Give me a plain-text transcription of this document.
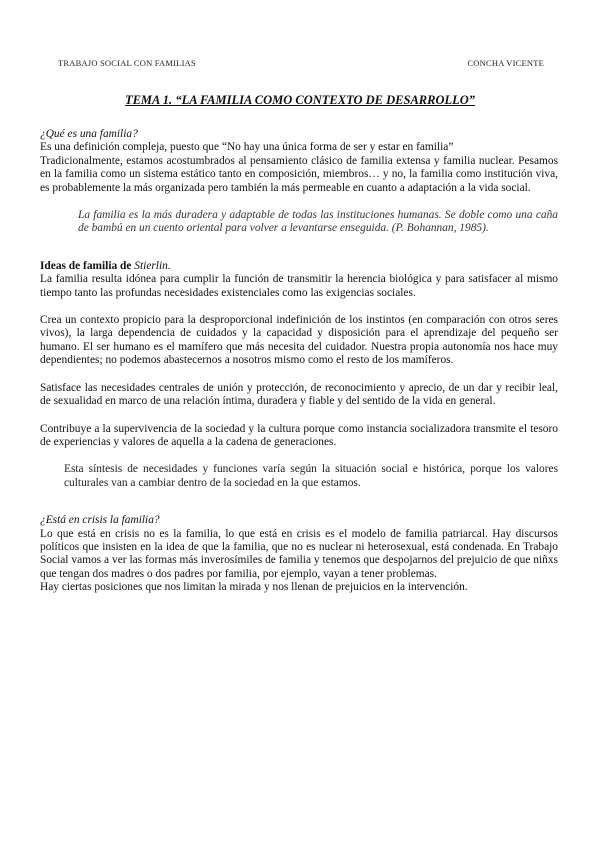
TRABAJO SOCIAL CON FAMILIAS	CONCHA VICENTE
TEMA 1. “LA FAMILIA COMO CONTEXTO DE DESARROLLO”

¿Qué es una familia?

Es una definición compleja, puesto que “No hay una única forma de ser y estar en familia”

Tradicionalmente, estamos acostumbrados al pensamiento clásico de familia extensa y familia nuclear. Pesamos en la familia como un sistema estático tanto en composición, miembros… y no, la familia como institución viva, es probablemente la más organizada pero también la más permeable en cuanto a adaptación a la vida social.

La familia es la más duradera y adaptable de todas las instituciones humanas. Se doble como una caña de bambú en un cuento oriental para volver a levantarse enseguida. (P. Bohannan, 1985).

Ideas de familia de Stierlin.

La familia resulta idónea para cumplir la función de transmitir la herencia biológica y para satisfacer al mismo tiempo tanto las profundas necesidades existenciales como las exigencias sociales.

Crea un contexto propicio para la desproporcional indefinición de los instintos (en comparación con otros seres vivos), la larga dependencia de cuidados y la capacidad y disposición para el aprendizaje del pequeño ser humano. El ser humano es el mamífero que más necesita del cuidador. Nuestra propia autonomía nos hace muy dependientes; no podemos abastecernos a nosotros mismo como el resto de los mamíferos.

Satisface las necesidades centrales de unión y protección, de reconocimiento y aprecio, de un dar y recibir leal, de sexualidad en marco de una relación íntima, duradera y fiable y del sentido de la vida en general.

Contribuye a la supervivencia de la sociedad y la cultura porque como instancia socializadora transmite el tesoro de experiencias y valores de aquella a la cadena de generaciones.

Esta síntesis de necesidades y funciones varía según la situación social e histórica, porque los valores culturales van a cambiar dentro de la sociedad en la que estamos.

¿Está en crisis la familia?

Lo que está en crisis no es la familia, lo que está en crisis es el modelo de familia patriarcal. Hay discursos políticos que insisten en la idea de que la familia, que no es nuclear ni heterosexual, está condenada. En Trabajo Social vamos a ver las formas más inverosímiles de familia y tenemos que despojarnos del prejuicio de que niñxs que tengan dos madres o dos padres por familia, por ejemplo, vayan a tener problemas.

Hay ciertas posiciones que nos limitan la mirada y nos llenan de prejuicios en la intervención.
